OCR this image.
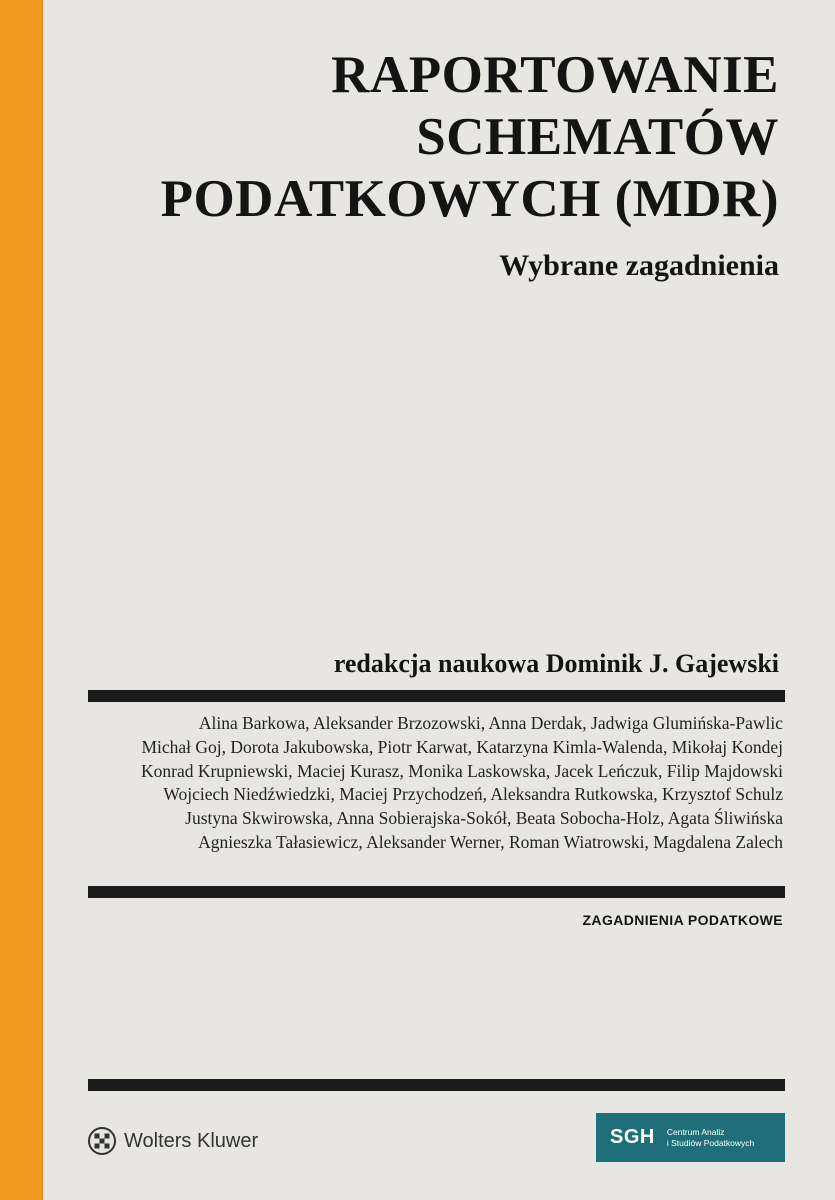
RAPORTOWANIE
SCHEMATÓW
PODATKOWYCH (MDR)
Wybrane zagadnienia
redakcja naukowa Dominik J. Gajewski
Alina Barkowa, Aleksander Brzozowski, Anna Derdak, Jadwiga Glumińska-Pawlic
Michał Goj, Dorota Jakubowska, Piotr Karwat, Katarzyna Kimla-Walenda, Mikołaj Kondej
Konrad Krupniewski, Maciej Kurasz, Monika Laskowska, Jacek Leńczuk, Filip Majdowski
Wojciech Niedźwiedzki, Maciej Przychodzeń, Aleksandra Rutkowska, Krzysztof Schulz
Justyna Skwirowska, Anna Sobierajska-Sokół, Beata Sobocha-Holz, Agata Śliwińska
Agnieszka Tałasiewicz, Aleksander Werner, Roman Wiatrowski, Magdalena Zalech
ZAGADNIENIA PODATKOWE
Wolters Kluwer	SGH Centrum Analiz
i Studiów Podatkowych
